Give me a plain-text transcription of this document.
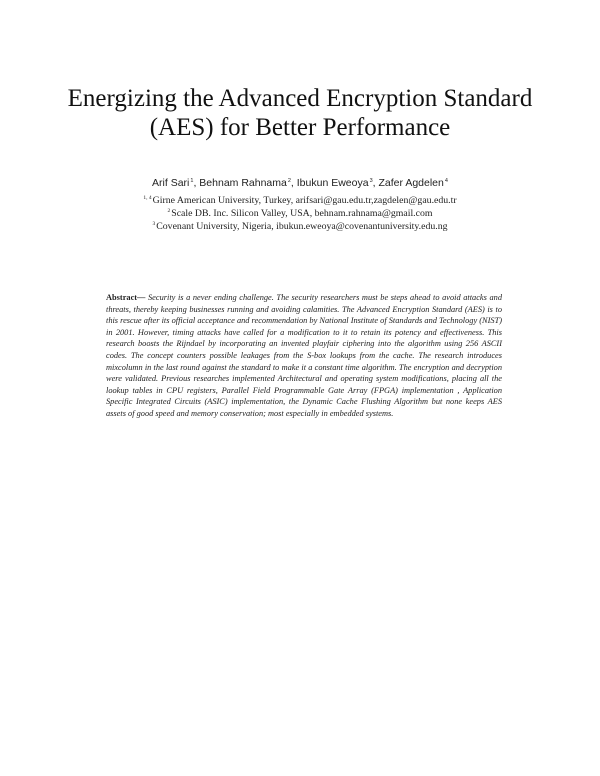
Energizing the Advanced Encryption Standard
(AES) for Better Performance
Arif Sari$^1$, Behnam Rahnama$^2$, Ibukun Eweoya$^3$, Zafer Agdelen$^4$
$^{1, 4}$Girne American University, Turkey, arifsari@gau.edu.tr,zagdelen@gau.edu.tr
$^2$Scale DB. Inc. Silicon Valley, USA, behnam.rahnama@gmail.com
$^3$Covenant University, Nigeria, ibukun.eweoya@covenantuniversity.edu.ng
Abstract— Security is a never ending challenge. The security researchers must be steps ahead to avoid attacks and threats, thereby keeping businesses running and avoiding calamities. The Advanced Encryption Standard (AES) is to this rescue after its official acceptance and recommendation by National Institute of Standards and Technology (NIST) in 2001. However, timing attacks have called for a modification to it to retain its potency and effectiveness. This research boosts the Rijndael by incorporating an invented playfair ciphering into the algorithm using 256 ASCII codes. The concept counters possible leakages from the S-box lookups from the cache. The research introduces mixcolumn in the last round against the standard to make it a constant time algorithm. The encryption and decryption were validated. Previous researches implemented Architectural and operating system modifications, placing all the lookup tables in CPU registers, Parallel Field Programmable Gate Array (FPGA) implementation , Application Specific Integrated Circuits (ASIC) implementation, the Dynamic Cache Flushing Algorithm but none keeps AES assets of good speed and memory conservation; most especially in embedded systems.
